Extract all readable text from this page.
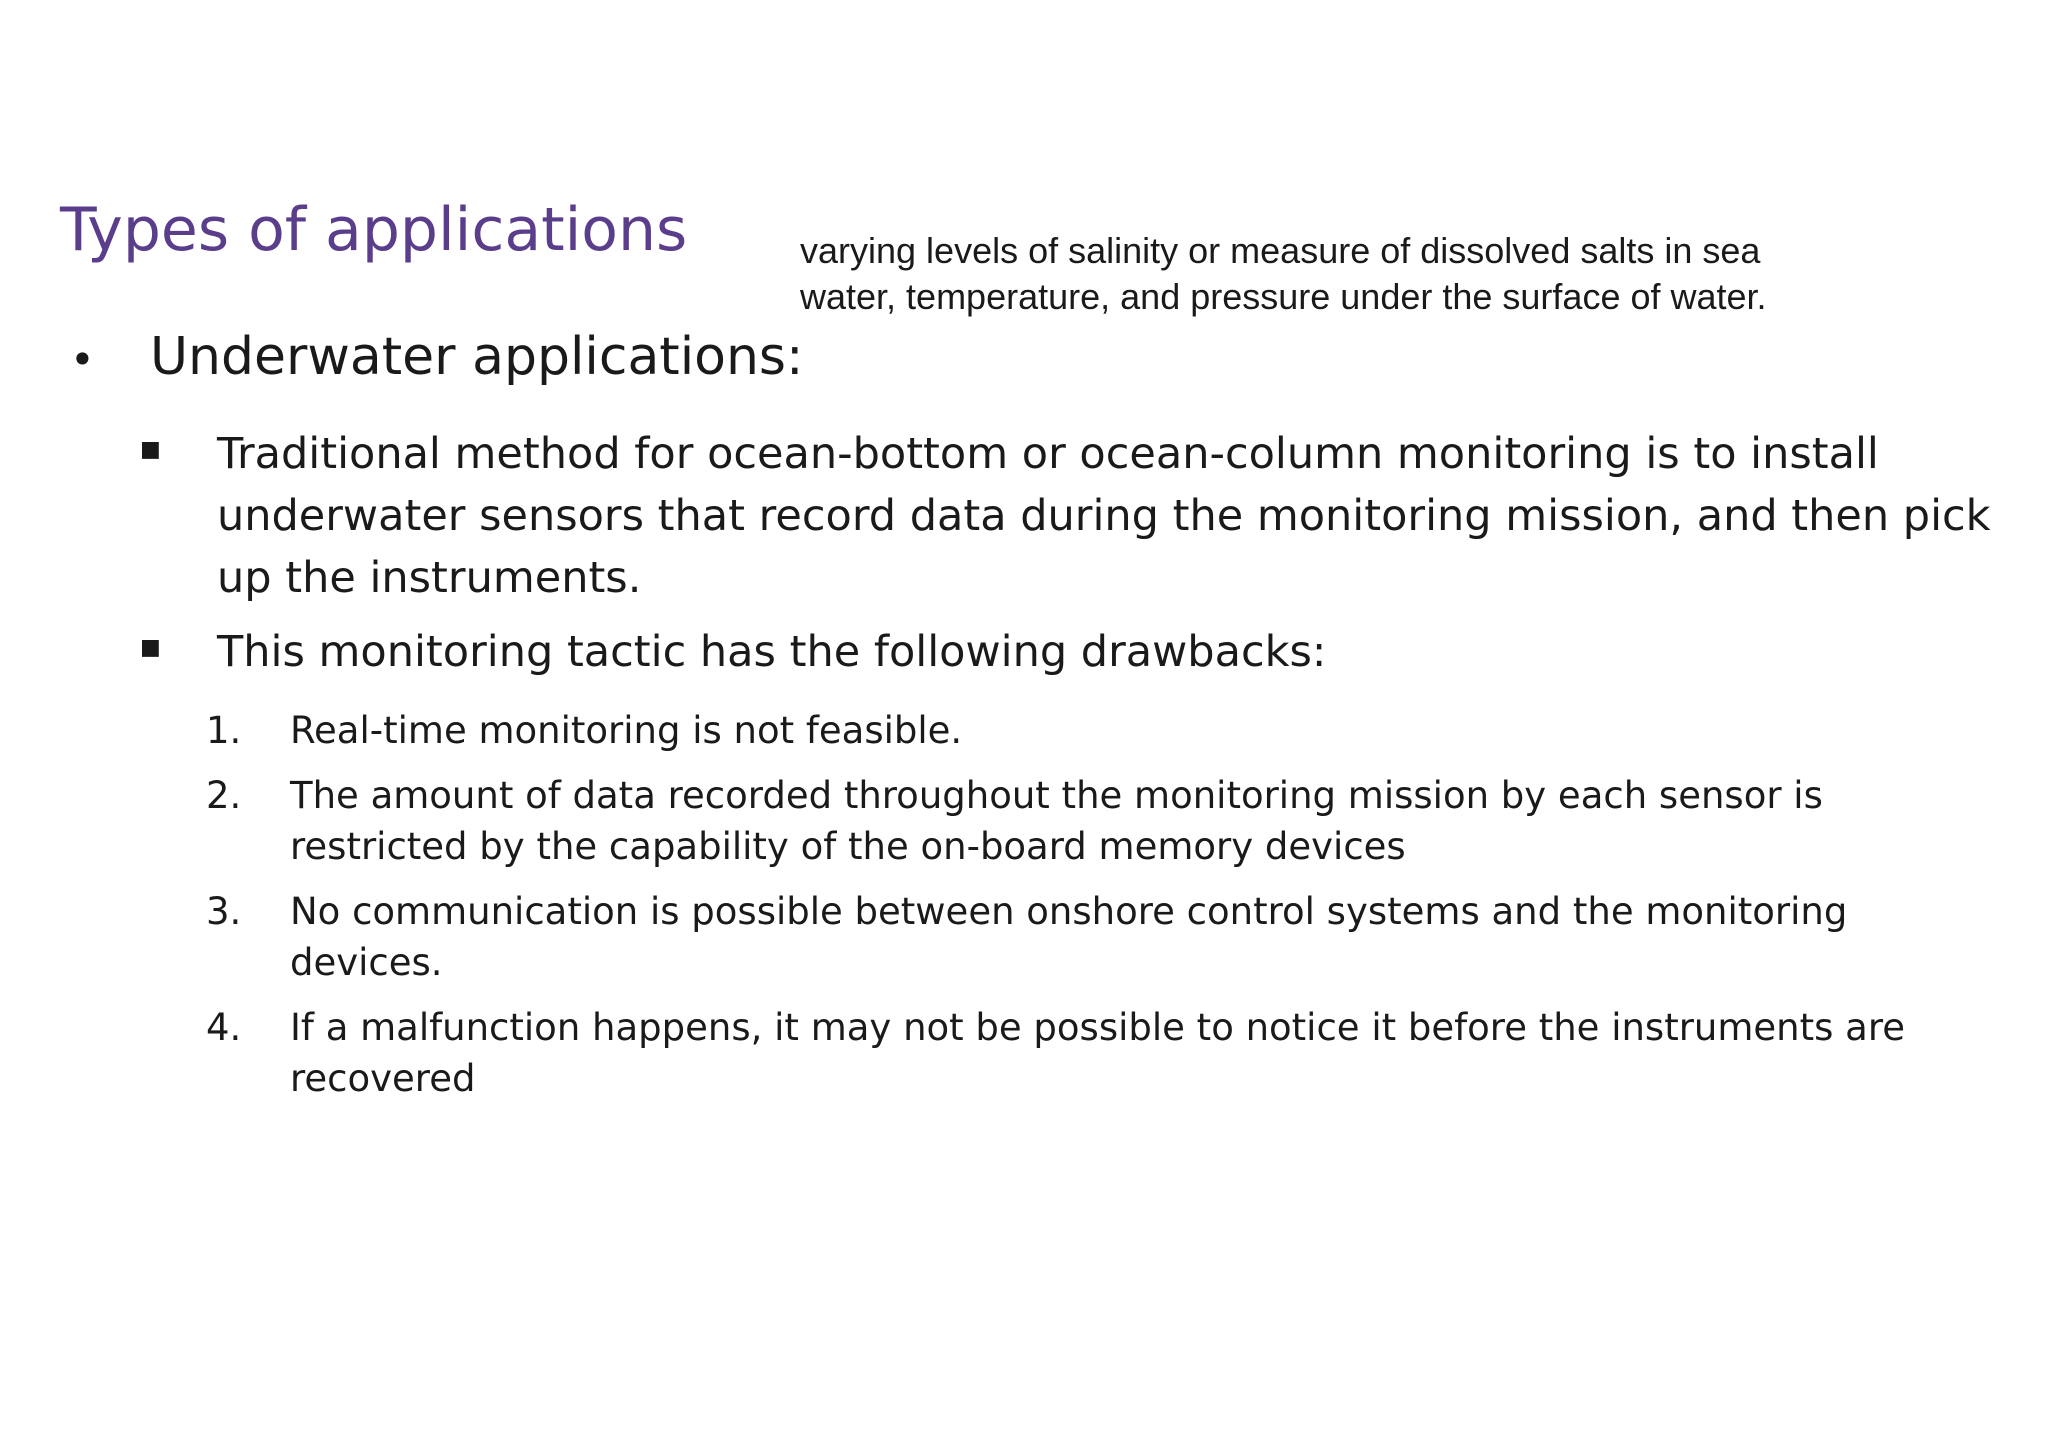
Types of applications	varying levels of salinity or measure of dissolved salts in sea water, temperature, and pressure under the surface of water.
• Underwater applications:
■ Traditional method for ocean-bottom or ocean-column monitoring is to install underwater sensors that record data during the monitoring mission, and then pick up the instruments.
■ This monitoring tactic has the following drawbacks:
1. Real-time monitoring is not feasible.
2. The amount of data recorded throughout the monitoring mission by each sensor is restricted by the capability of the on-board memory devices
3. No communication is possible between onshore control systems and the monitoring devices.
4. If a malfunction happens, it may not be possible to notice it before the instruments are recovered
